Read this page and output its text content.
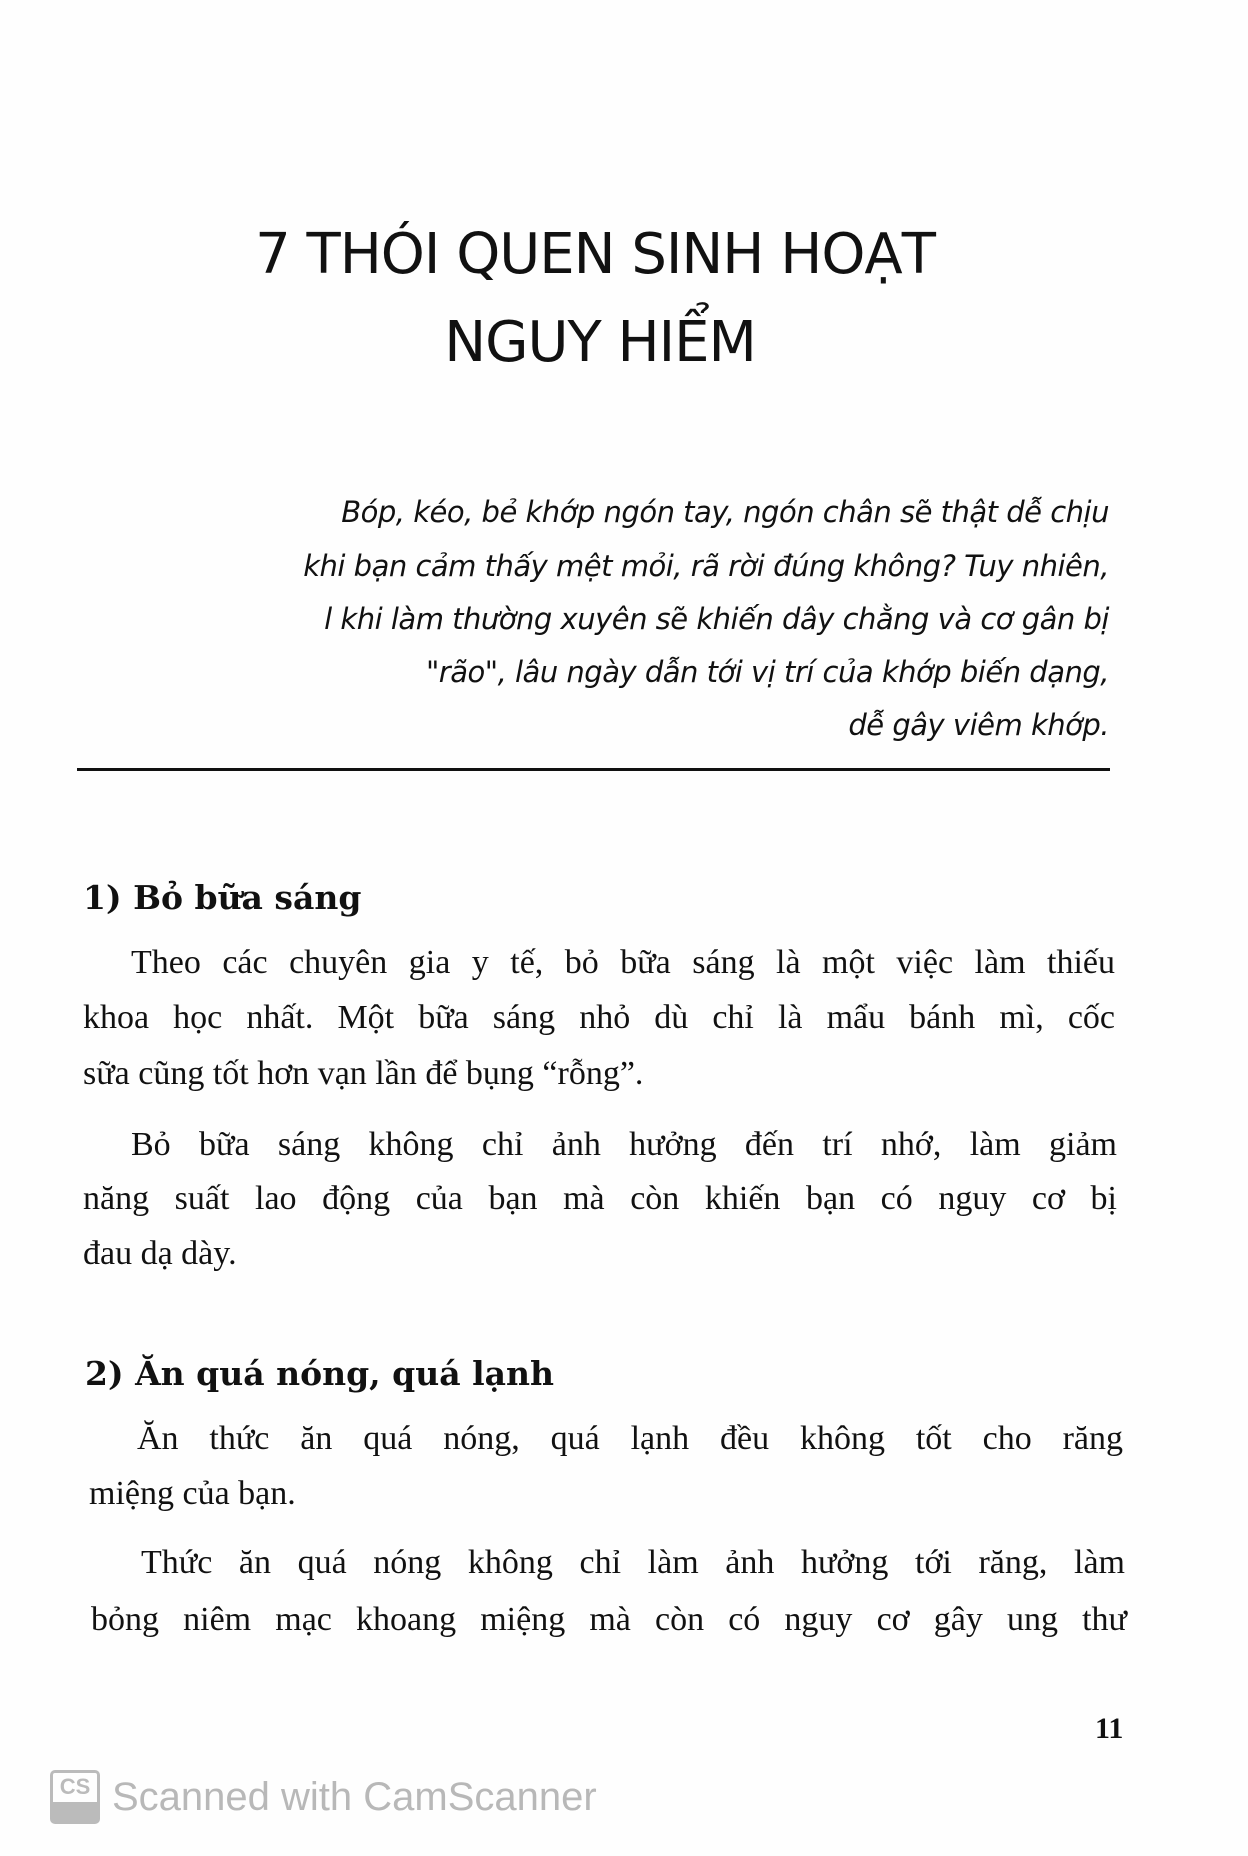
7 THÓI QUEN SINH HOẠT
NGUY HIỂM
Bóp, kéo, bẻ khớp ngón tay, ngón chân sẽ thật dễ chịu
khi bạn cảm thấy mệt mỏi, rã rời đúng không? Tuy nhiên,
l khi làm thường xuyên sẽ khiến dây chằng và cơ gân bị
"rão", lâu ngày dẫn tới vị trí của khớp biến dạng,
dễ gây viêm khớp.
1) Bỏ bữa sáng
Theo các chuyên gia y tế, bỏ bữa sáng là một việc làm thiếu
khoa học nhất. Một bữa sáng nhỏ dù chỉ là mẩu bánh mì, cốc
sữa cũng tốt hơn vạn lần để bụng “rỗng”.
Bỏ bữa sáng không chỉ ảnh hưởng đến trí nhớ, làm giảm
năng suất lao động của bạn mà còn khiến bạn có nguy cơ bị
đau dạ dày.
2) Ăn quá nóng, quá lạnh
Ăn thức ăn quá nóng, quá lạnh đều không tốt cho răng
miệng của bạn.
Thức ăn quá nóng không chỉ làm ảnh hưởng tới răng, làm
bỏng niêm mạc khoang miệng mà còn có nguy cơ gây ung thư
11
CS Scanned with CamScanner
